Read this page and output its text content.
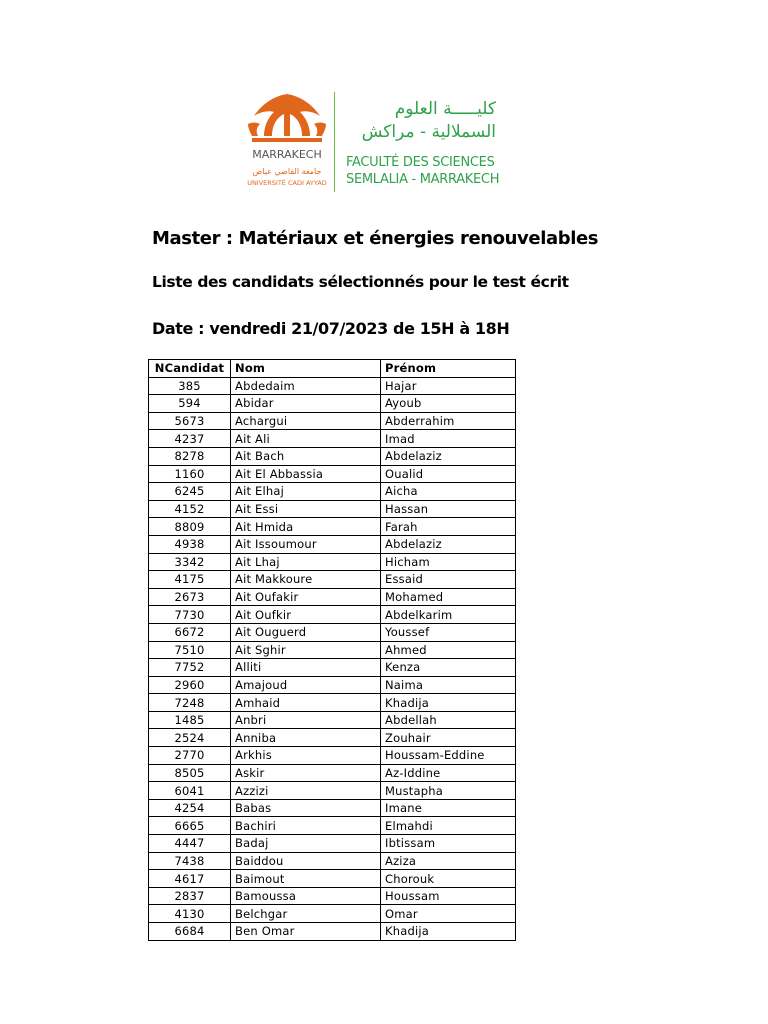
MARRAKECH
جامعة القاضي عياض
UNIVERSITÉ CADI AYYAD
كليـــــة العلوم
السملالية - مراكش
FACULTÉ DES SCIENCES
SEMLALIA - MARRAKECH
Master : Matériaux et énergies renouvelables
Liste des candidats sélectionnés pour le test écrit
Date : vendredi 21/07/2023 de 15H à 18H
NCandidat	Nom	Prénom
385	Abdedaim	Hajar
594	Abidar	Ayoub
5673	Achargui	Abderrahim
4237	Ait Ali	Imad
8278	Ait Bach	Abdelaziz
1160	Ait El Abbassia	Oualid
6245	Ait Elhaj	Aicha
4152	Ait Essi	Hassan
8809	Ait Hmida	Farah
4938	Ait Issoumour	Abdelaziz
3342	Ait Lhaj	Hicham
4175	Ait Makkoure	Essaid
2673	Ait Oufakir	Mohamed
7730	Ait Oufkir	Abdelkarim
6672	Ait Ouguerd	Youssef
7510	Ait Sghir	Ahmed
7752	Alliti	Kenza
2960	Amajoud	Naima
7248	Amhaid	Khadija
1485	Anbri	Abdellah
2524	Anniba	Zouhair
2770	Arkhis	Houssam-Eddine
8505	Askir	Az-Iddine
6041	Azzizi	Mustapha
4254	Babas	Imane
6665	Bachiri	Elmahdi
4447	Badaj	Ibtissam
7438	Baiddou	Aziza
4617	Baimout	Chorouk
2837	Bamoussa	Houssam
4130	Belchgar	Omar
6684	Ben Omar	Khadija
